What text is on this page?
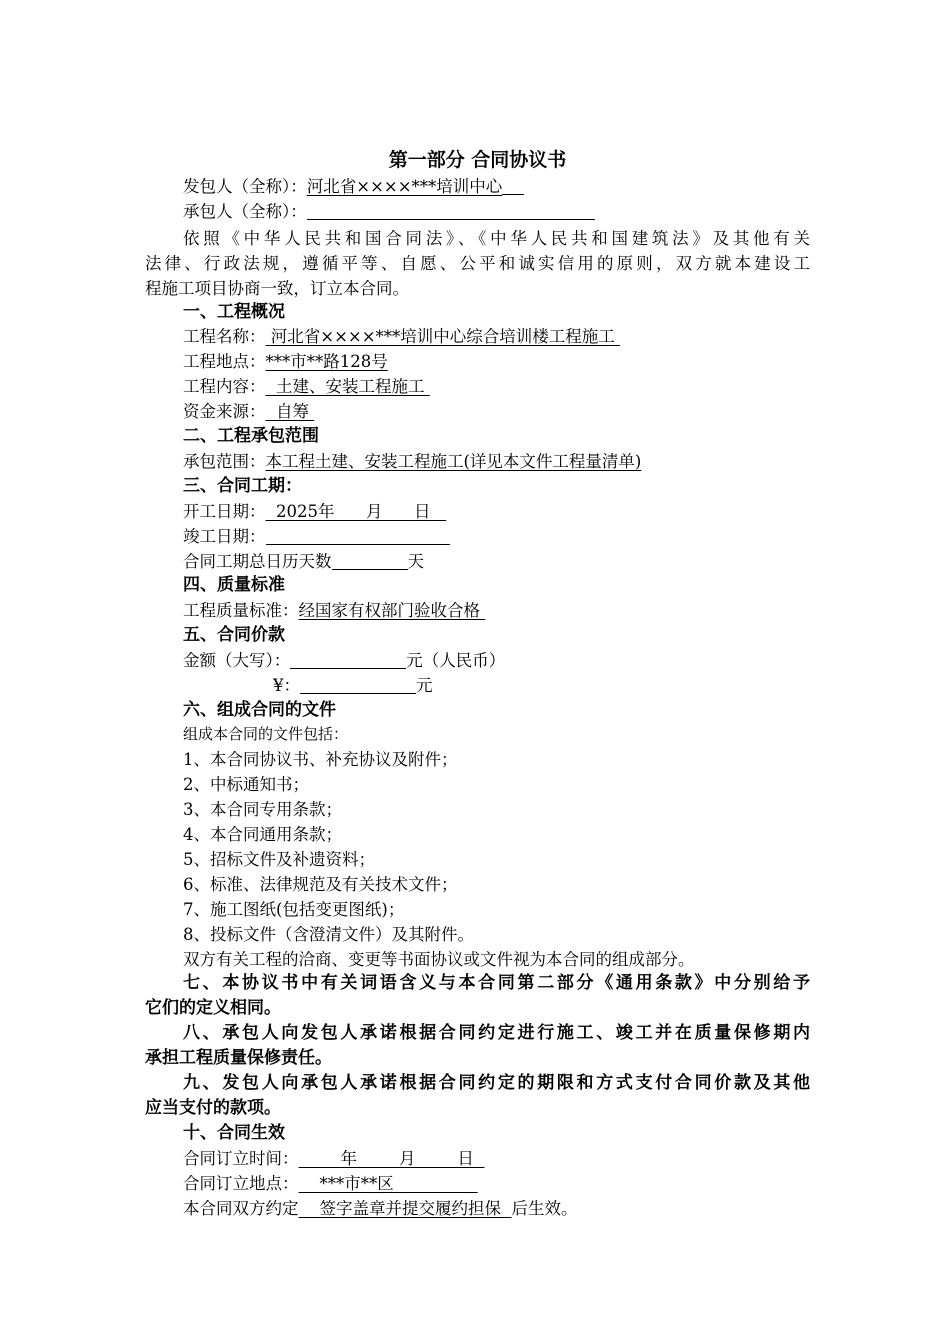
第一部分 合同协议书
发包人（全称）：河北省××××***培训中心
承包人（全称）：
依照《中华人民共和国合同法》、《中华人民共和国建筑法》及其他有关
法律、行政法规，遵循平等、自愿、公平和诚实信用的原则，双方就本建设工
程施工项目协商一致，订立本合同。
一、工程概况
工程名称： 河北省××××***培训中心综合培训楼工程施工
工程地点：***市**路128号
工程内容： 土建、安装工程施工
资金来源： 自筹
二、工程承包范围
承包范围：本工程土建、安装工程施工(详见本文件工程量清单)
三、合同工期：
开工日期： 2025年 月 日
竣工日期：
合同工期总日历天数	天
四、质量标准
工程质量标准：经国家有权部门验收合格
五、合同价款
金额（大写）：	元（人民币）
¥：	元
六、组成合同的文件
组成本合同的文件包括：
1、本合同协议书、补充协议及附件；
2、中标通知书；
3、本合同专用条款；
4、本合同通用条款；
5、招标文件及补遗资料；
6、标准、法律规范及有关技术文件；
7、施工图纸(包括变更图纸)；
8、投标文件（含澄清文件）及其附件。
双方有关工程的洽商、变更等书面协议或文件视为本合同的组成部分。
七、本协议书中有关词语含义与本合同第二部分《通用条款》中分别给予
它们的定义相同。
八、承包人向发包人承诺根据合同约定进行施工、竣工并在质量保修期内
承担工程质量保修责任。
九、发包人向承包人承诺根据合同约定的期限和方式支付合同价款及其他
应当支付的款项。
十、合同生效
合同订立时间：	年	月	日
合同订立地点： ***市**区
本合同双方约定 签字盖章并提交履约担保 后生效。
